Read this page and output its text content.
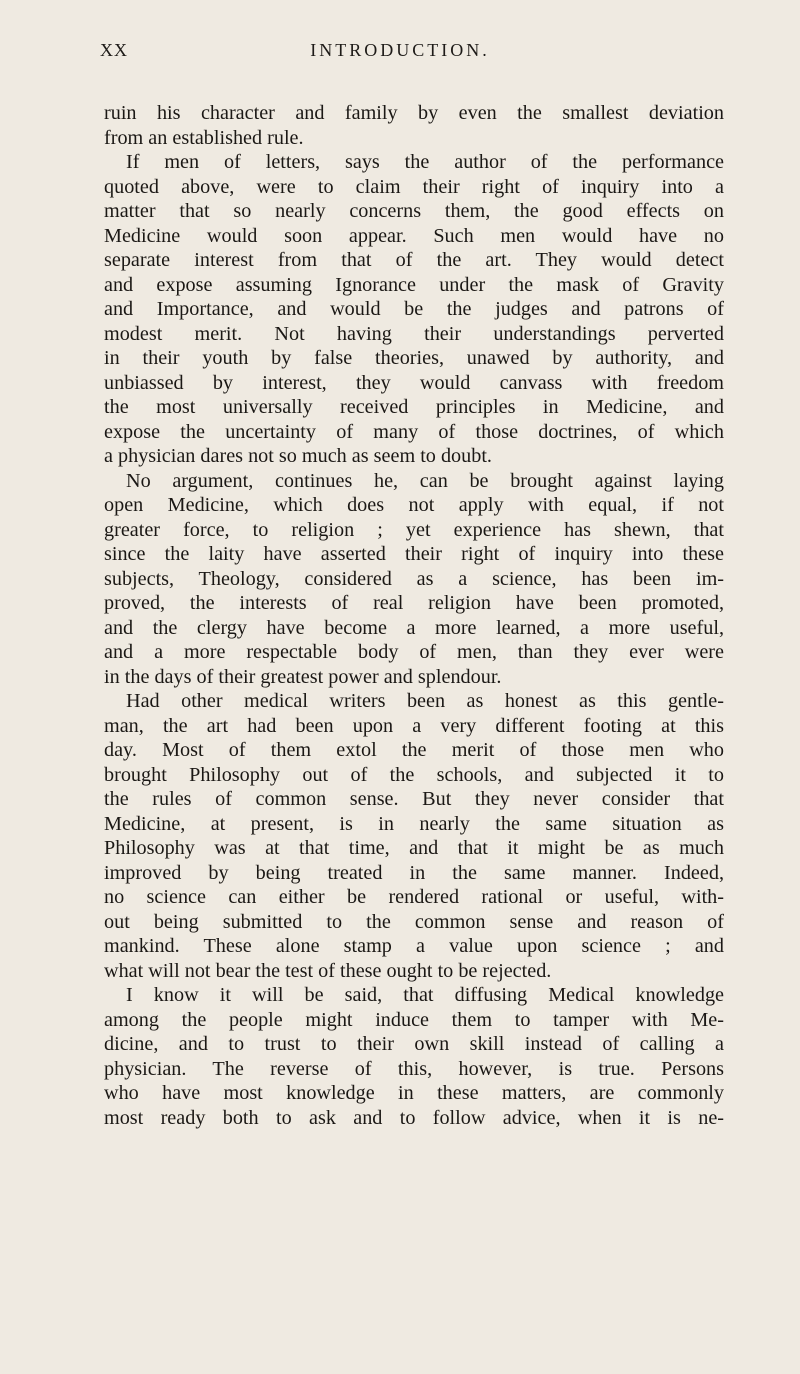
INTRODUCTION.
XX
ruin his character and family by even the smallest deviation
from an established rule.
If men of letters, says the author of the performance
quoted above, were to claim their right of inquiry into a
matter that so nearly concerns them, the good effects on
Medicine would soon appear. Such men would have no
separate interest from that of the art. They would detect
and expose assuming Ignorance under the mask of Gravity
and Importance, and would be the judges and patrons of
modest merit. Not having their understandings perverted
in their youth by false theories, unawed by authority, and
unbiassed by interest, they would canvass with freedom
the most universally received principles in Medicine, and
expose the uncertainty of many of those doctrines, of which
a physician dares not so much as seem to doubt.
No argument, continues he, can be brought against laying
open Medicine, which does not apply with equal, if not
greater force, to religion ; yet experience has shewn, that
since the laity have asserted their right of inquiry into these
subjects, Theology, considered as a science, has been im-
proved, the interests of real religion have been promoted,
and the clergy have become a more learned, a more useful,
and a more respectable body of men, than they ever were
in the days of their greatest power and splendour.
Had other medical writers been as honest as this gentle-
man, the art had been upon a very different footing at this
day. Most of them extol the merit of those men who
brought Philosophy out of the schools, and subjected it to
the rules of common sense. But they never consider that
Medicine, at present, is in nearly the same situation as
Philosophy was at that time, and that it might be as much
improved by being treated in the same manner. Indeed,
no science can either be rendered rational or useful, with-
out being submitted to the common sense and reason of
mankind. These alone stamp a value upon science ; and
what will not bear the test of these ought to be rejected.
I know it will be said, that diffusing Medical knowledge
among the people might induce them to tamper with Me-
dicine, and to trust to their own skill instead of calling a
physician. The reverse of this, however, is true. Persons
who have most knowledge in these matters, are commonly
most ready both to ask and to follow advice, when it is ne-
